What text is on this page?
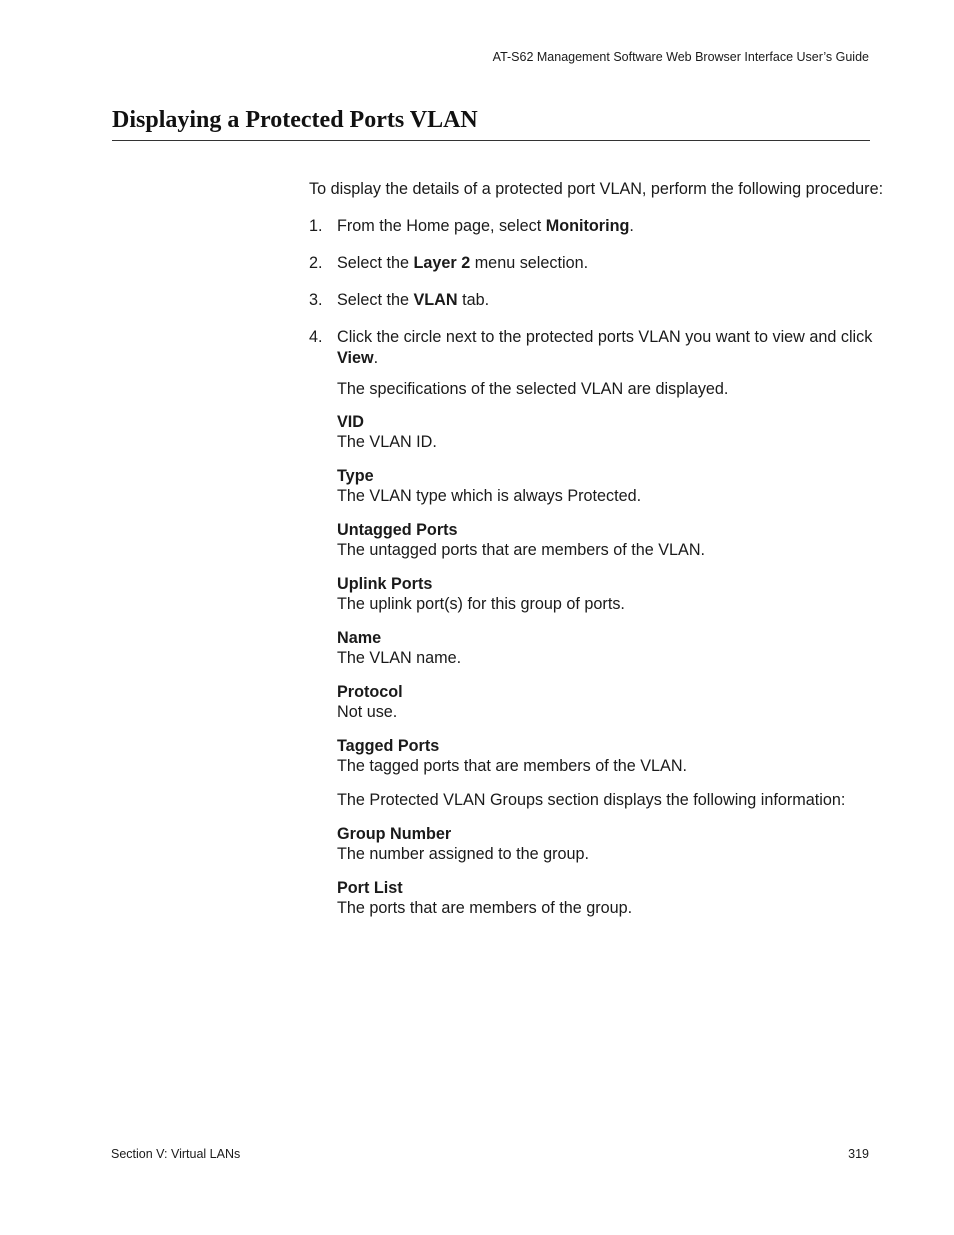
AT-S62 Management Software Web Browser Interface User’s Guide
Displaying a Protected Ports VLAN

To display the details of a protected port VLAN, perform the following procedure:

1. From the Home page, select Monitoring.
2. Select the Layer 2 menu selection.
3. Select the VLAN tab.
4. Click the circle next to the protected ports VLAN you want to view and click View.

The specifications of the selected VLAN are displayed.

VID
The VLAN ID.
Type
The VLAN type which is always Protected.
Untagged Ports
The untagged ports that are members of the VLAN.
Uplink Ports
The uplink port(s) for this group of ports.
Name
The VLAN name.
Protocol
Not use.
Tagged Ports
The tagged ports that are members of the VLAN.

The Protected VLAN Groups section displays the following information:

Group Number
The number assigned to the group.
Port List
The ports that are members of the group.
Section V: Virtual LANs	319
